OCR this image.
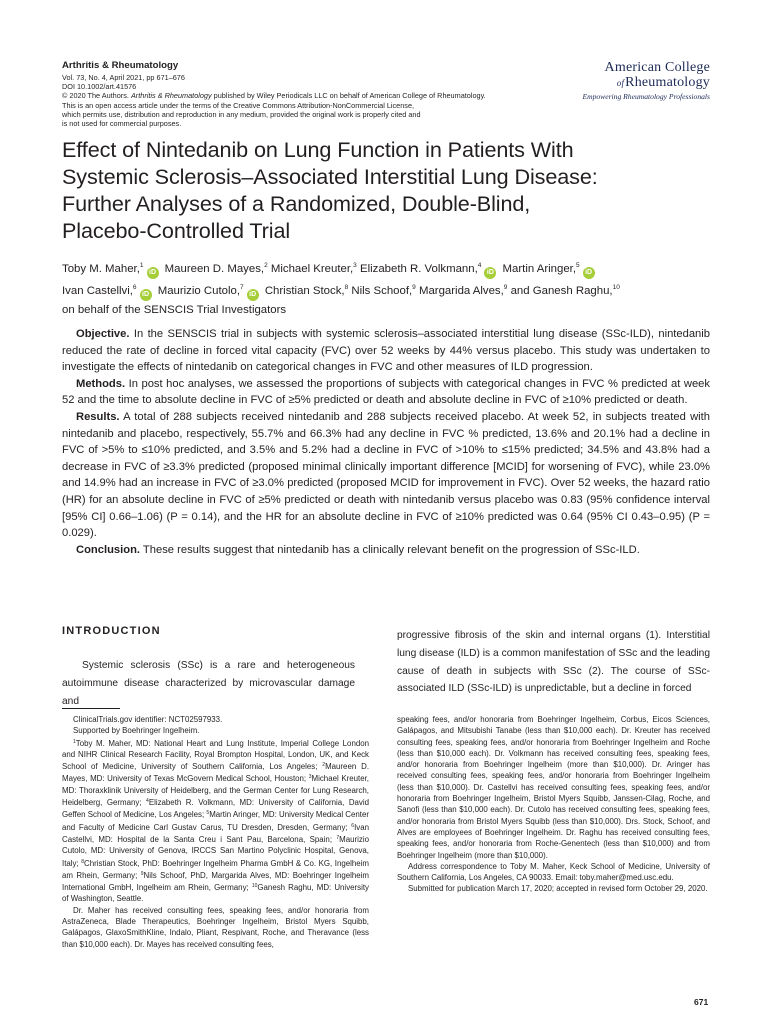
Arthritis & Rheumatology
Vol. 73, No. 4, April 2021, pp 671–676
DOI 10.1002/art.41576
© 2020 The Authors. Arthritis & Rheumatology published by Wiley Periodicals LLC on behalf of American College of Rheumatology.
This is an open access article under the terms of the Creative Commons Attribution-NonCommercial License,
which permits use, distribution and reproduction in any medium, provided the original work is properly cited and
is not used for commercial purposes.
American College
ofRheumatology
Empowering Rheumatology Professionals
Effect of Nintedanib on Lung Function in Patients With
Systemic Sclerosis–Associated Interstitial Lung Disease:
Further Analyses of a Randomized, Double-Blind,
Placebo-Controlled Trial
Toby M. Maher,$^1$iD Maureen D. Mayes,$^2$ Michael Kreuter,$^3$ Elizabeth R. Volkmann,$^4$iD Martin Aringer,$^5$iD
Ivan Castellvi,$^6$iD Maurizio Cutolo,$^7$iD Christian Stock,$^8$ Nils Schoof,$^9$ Margarida Alves,$^9$ and Ganesh Raghu,$^{10}$
on behalf of the SENSCIS Trial Investigators

Objective. In the SENSCIS trial in subjects with systemic sclerosis–associated interstitial lung disease (SSc-ILD), nintedanib reduced the rate of decline in forced vital capacity (FVC) over 52 weeks by 44% versus placebo. This study was undertaken to investigate the effects of nintedanib on categorical changes in FVC and other measures of ILD progression.

Methods. In post hoc analyses, we assessed the proportions of subjects with categorical changes in FVC % predicted at week 52 and the time to absolute decline in FVC of ≥5% predicted or death and absolute decline in FVC of ≥10% predicted or death.

Results. A total of 288 subjects received nintedanib and 288 subjects received placebo. At week 52, in subjects treated with nintedanib and placebo, respectively, 55.7% and 66.3% had any decline in FVC % predicted, 13.6% and 20.1% had a decline in FVC of >5% to ≤10% predicted, and 3.5% and 5.2% had a decline in FVC of >10% to ≤15% predicted; 34.5% and 43.8% had a decrease in FVC of ≥3.3% predicted (proposed minimal clinically important difference [MCID] for worsening of FVC), while 23.0% and 14.9% had an increase in FVC of ≥3.0% predicted (proposed MCID for improvement in FVC). Over 52 weeks, the hazard ratio (HR) for an absolute decline in FVC of ≥5% predicted or death with nintedanib versus placebo was 0.83 (95% confidence interval [95% CI] 0.66–1.06) (P = 0.14), and the HR for an absolute decline in FVC of ≥10% predicted was 0.64 (95% CI 0.43–0.95) (P = 0.029).

Conclusion. These results suggest that nintedanib has a clinically relevant benefit on the progression of SSc-ILD.

INTRODUCTION
Systemic sclerosis (SSc) is a rare and heterogeneous autoimmune disease characterized by microvascular damage and
progressive fibrosis of the skin and internal organs (1). Interstitial lung disease (ILD) is a common manifestation of SSc and the leading cause of death in subjects with SSc (2). The course of SSc-associated ILD (SSc-ILD) is unpredictable, but a decline in forced

ClinicalTrials.gov identifier: NCT02597933.

Supported by Boehringer Ingelheim.

$^1$Toby M. Maher, MD: National Heart and Lung Institute, Imperial College London and NIHR Clinical Research Facility, Royal Brompton Hospital, London, UK, and Keck School of Medicine, University of Southern California, Los Angeles; $^2$Maureen D. Mayes, MD: University of Texas McGovern Medical School, Houston; $^3$Michael Kreuter, MD: Thoraxklinik University of Heidelberg, and the German Center for Lung Research, Heidelberg, Germany; $^4$Elizabeth R. Volkmann, MD: University of California, David Geffen School of Medicine, Los Angeles; $^5$Martin Aringer, MD: University Medical Center and Faculty of Medicine Carl Gustav Carus, TU Dresden, Dresden, Germany; $^6$Ivan Castellvi, MD: Hospital de la Santa Creu i Sant Pau, Barcelona, Spain; $^7$Maurizio Cutolo, MD: University of Genova, IRCCS San Martino Polyclinic Hospital, Genova, Italy; $^8$Christian Stock, PhD: Boehringer Ingelheim Pharma GmbH & Co. KG, Ingelheim am Rhein, Germany; $^9$Nils Schoof, PhD, Margarida Alves, MD: Boehringer Ingelheim International GmbH, Ingelheim am Rhein, Germany; $^{10}$Ganesh Raghu, MD: University of Washington, Seattle.

Dr. Maher has received consulting fees, speaking fees, and/or honoraria from AstraZeneca, Blade Therapeutics, Boehringer Ingelheim, Bristol Myers Squibb, Galápagos, GlaxoSmithKline, Indalo, Pliant, Respivant, Roche, and Theravance (less than $10,000 each). Dr. Mayes has received consulting fees,

speaking fees, and/or honoraria from Boehringer Ingelheim, Corbus, Eicos Sciences, Galápagos, and Mitsubishi Tanabe (less than $10,000 each). Dr. Kreuter has received consulting fees, speaking fees, and/or honoraria from Boehringer Ingelheim and Roche (less than $10,000 each). Dr. Volkmann has received consulting fees, speaking fees, and/or honoraria from Boehringer Ingelheim (more than $10,000). Dr. Aringer has received consulting fees, speaking fees, and/or honoraria from Boehringer Ingelheim (less than $10,000). Dr. Castellvi has received consulting fees, speaking fees, and/or honoraria from Boehringer Ingelheim, Bristol Myers Squibb, Janssen-Cilag, Roche, and Sanofi (less than $10,000 each). Dr. Cutolo has received consulting fees, speaking fees, and/or honoraria from Bristol Myers Squibb (less than $10,000). Drs. Stock, Schoof, and Alves are employees of Boehringer Ingelheim. Dr. Raghu has received consulting fees, speaking fees, and/or honoraria from Roche-Genentech (less than $10,000) and from Boehringer Ingelheim (more than $10,000).

Address correspondence to Toby M. Maher, Keck School of Medicine, University of Southern California, Los Angeles, CA 90033. Email: toby.maher@med.usc.edu.

Submitted for publication March 17, 2020; accepted in revised form October 29, 2020.

671
